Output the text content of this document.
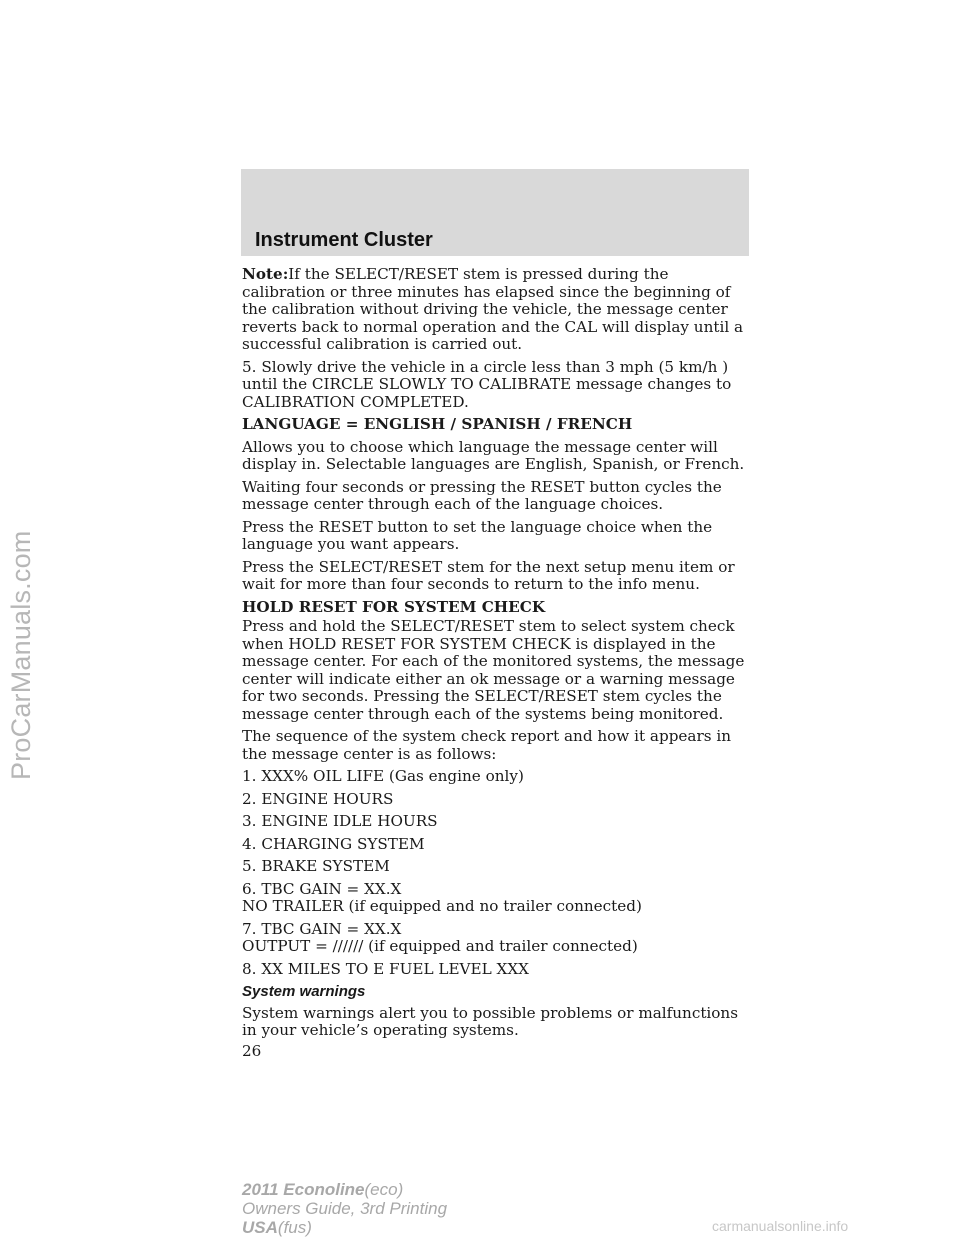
ProCarManuals.com
Instrument Cluster

Note:If the SELECT/RESET stem is pressed during the calibration or three minutes has elapsed since the beginning of the calibration without driving the vehicle, the message center reverts back to normal operation and the CAL will display until a successful calibration is carried out.

5. Slowly drive the vehicle in a circle less than 3 mph (5 km/h ) until the CIRCLE SLOWLY TO CALIBRATE message changes to CALIBRATION COMPLETED.

LANGUAGE = ENGLISH / SPANISH / FRENCH

Allows you to choose which language the message center will display in. Selectable languages are English, Spanish, or French.

Waiting four seconds or pressing the RESET button cycles the message center through each of the language choices.

Press the RESET button to set the language choice when the language you want appears.

Press the SELECT/RESET stem for the next setup menu item or wait for more than four seconds to return to the info menu.

HOLD RESET FOR SYSTEM CHECK

Press and hold the SELECT/RESET stem to select system check when HOLD RESET FOR SYSTEM CHECK is displayed in the message center. For each of the monitored systems, the message center will indicate either an ok message or a warning message for two seconds. Pressing the SELECT/RESET stem cycles the message center through each of the systems being monitored.

The sequence of the system check report and how it appears in the message center is as follows:

1. XXX% OIL LIFE (Gas engine only)

2. ENGINE HOURS

3. ENGINE IDLE HOURS

4. CHARGING SYSTEM

5. BRAKE SYSTEM

6. TBC GAIN = XX.X
NO TRAILER (if equipped and no trailer connected)

7. TBC GAIN = XX.X
OUTPUT = ////// (if equipped and trailer connected)

8. XX MILES TO E FUEL LEVEL XXX

System warnings

System warnings alert you to possible problems or malfunctions in your vehicle’s operating systems.

26

2011 Econoline(eco)
Owners Guide, 3rd Printing
USA(fus)	carmanualsonline.info
